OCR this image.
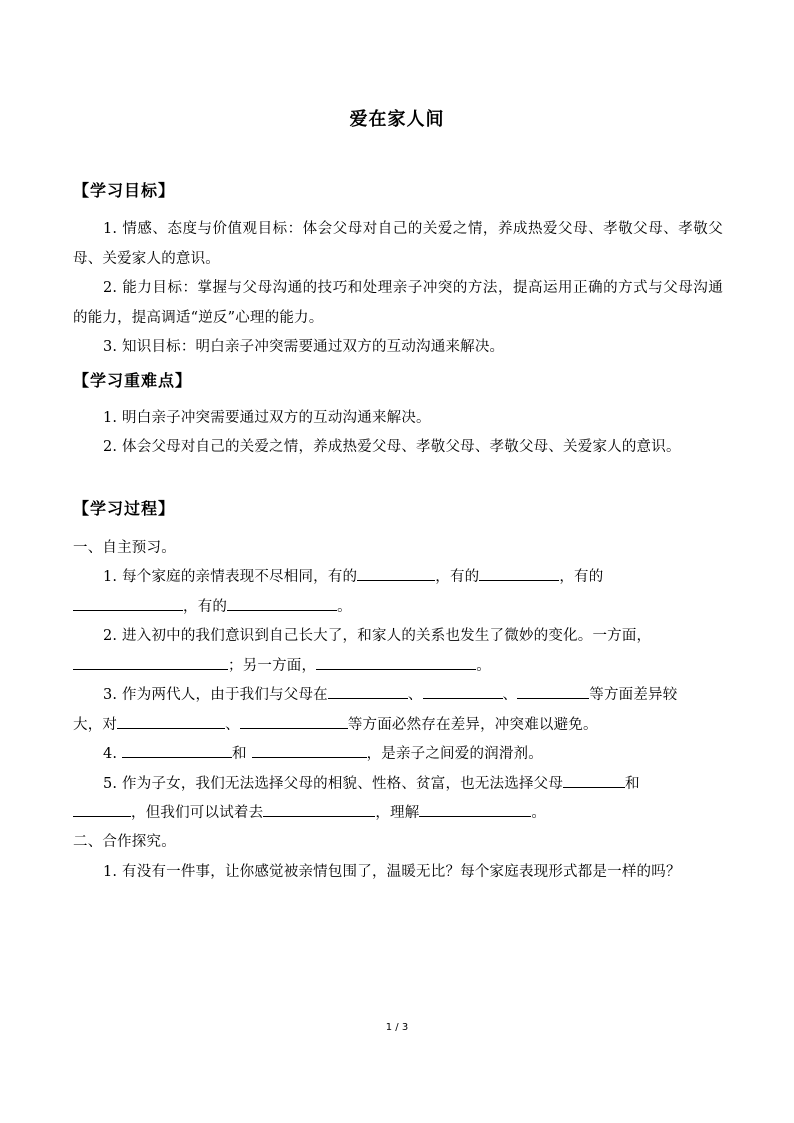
爱在家人间
【学习目标】
1. 情感、态度与价值观目标：体会父母对自己的关爱之情，养成热爱父母、孝敬父母、孝敬父母、关爱家人的意识。
2. 能力目标：掌握与父母沟通的技巧和处理亲子冲突的方法，提高运用正确的方式与父母沟通的能力，提高调适“逆反”心理的能力。
3. 知识目标：明白亲子冲突需要通过双方的互动沟通来解决。
【学习重难点】
1. 明白亲子冲突需要通过双方的互动沟通来解决。
2. 体会父母对自己的关爱之情，养成热爱父母、孝敬父母、孝敬父母、关爱家人的意识。
【学习过程】
一、自主预习。
1. 每个家庭的亲情表现不尽相同，有的	，有的	，有的
，有的	。
2. 进入初中的我们意识到自己长大了，和家人的关系也发生了微妙的变化。一方面，
；另一方面，	。
3. 作为两代人，由于我们与父母在	、	、	等方面差异较
大，对	、	等方面必然存在差异，冲突难以避免。
4.	和	，是亲子之间爱的润滑剂。
5. 作为子女，我们无法选择父母的相貌、性格、贫富，也无法选择父母	和
，但我们可以试着去	，理解	。
二、合作探究。
1. 有没有一件事，让你感觉被亲情包围了，温暖无比？每个家庭表现形式都是一样的吗？
1 / 3
